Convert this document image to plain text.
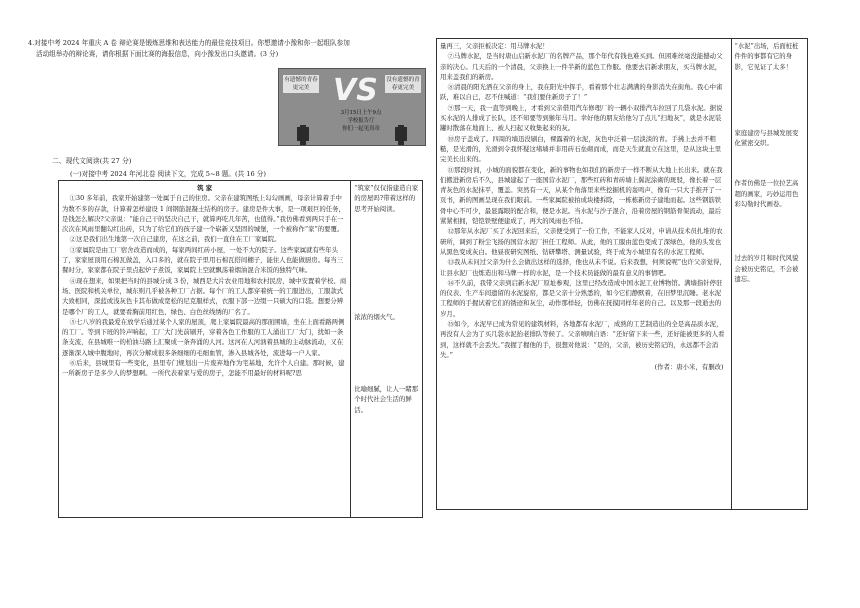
4.对接中考 2024 年重庆 A 卷 辩论赛是锻炼思维和表达能力的最佳竞技项目。你想邀请小豫和你一起组队参加
活动组举办的辩论赛，请你根据下面比赛的海报信息，向小豫发出口头邀请。(3 分)
有遗憾的青春更完美
没有遗憾的青春更完美
VS
3月15日上午9点
学校报告厅
你们一起见真章
二、现代文阅读(共 27 分)
(一)对接中考 2024 年河北卷 阅读下文，完成 5~8 题。(共 16 分)
筑 家

①30 多年前，我家开始建第一处属于自己的住房。父亲在建筑图纸上勾勾画画，母亲计算着手中为数不多的存款，计算着怎样建设 1 间钢筋混凝土结构的房子。建房是件大事，是一项艰巨的任务，是钱怎么解决?父亲说：“能自己干的坚决自己干，就算再吃几年苦，也值得。”我仿佛看到两只手在一次次在风雨里翻勾红出砖，只为了给它们的孩子建一个崭新又坚固的城堡，一个被称作“家”的要覆。

②这是我们出生地第一次自己建房，在这之前，我们一直住在工厂家属院。

③家属院是由工厂宿舍改造而成的，每家两间红砖小屋，一处不大的院子。这些家属就有些年头了，家家屋顶用石棉瓦做盖，入口多的，就在院子里用石棉瓦搭间棚子，能住人也能做厨房。每当三餐时分，家家都在院子里点起炉子煮饭，家属院上空就飘荡着烟油混合米饭的独特气味。

④现在想来，如果把当时的县城分成 3 份，城西是大片农业用地和农村民房，城中安置着学校、商场、医院和机关单位，城东则几乎被各种工厂占据。每个厂的工人都穿着统一的工服进出，工服款式大致相同，深蓝或浅灰色卡其布做成宽松的尼克服样式，衣服下部一边缀一只硕大的口袋。想要分辨是哪个厂的工人，就要看胸前用红色、绿色、白色丝线绣的厂名了。

⑤七八岁的我最爱在放学后通过某个人家的屋顶，爬上家属院最高的那面围墙，坐在上面看路两侧的工厂。等到下班的铃声响起，工厂大门先前刷开，穿着各色工作服的工人涌出工厂大门，扰如一条条支流，在县城唯一的柏油马路上汇聚成一条奔涌的人河。这河在人河汹着县城的主动脉流动，又在逐渐深入城中腹地时，再次分解成很多条细细的毛细血管，渗入县城各处，流进每一户人家。

⑥后来，县城里有一些变化，县里专门规划出一片废弃地作为宅基地，允许个人自建。那时候，建一所新房子是多少人的梦想啊。一所代表着家与爱的房子，怎能不用最好的材料呢?思

“筑家”仅仅指建造自家的房屋吗?带着这样的思考开始阅读。

浓浓的烟火气。

比喻细腻，让人一睹那个时代社会生活的鲜活。

量再三，父亲拒板决定：用马牌水泥！

⑦马牌水泥，是当时唐山启新水泥厂的名牌产品，那个年代有钱也难买到。但困难丝毫没能撼动父亲的决心。几天后的一个清晨，父亲换上一件半新的蓝色工作服。他要去启新求朋友，买马牌水泥，用来盖我们的新房。

⑧清晨的阳光洒在父亲的身上，我在阳光中挥手，看着那个壮志满满的身影消失在街角。我心中雀跃，难以自已，忍不住喊道：“我们要住新房子了！”

⑨那一天，我一直等到晚上，才看到父亲借用汽车修理厂的一辆小双排汽车拉回了几袋水泥。据说买水泥的人排成了长队，还不知要等到猴年马月。幸好他的朋友给他匀了点儿“扫地灰”，就是水泥装罐时散落在地面上、被人扫起又收集起来的灰。

⑩房子盖成了。四周的墙迅没刷白，裸露着的水泥，灰色中泛着一层淡淡的青。手拂上去并不粗糙，是光滑的，光滑到令我怀疑这堵墙并非用砖石垒砌而成，而是天生就直立在这里，是从这块土里完美长出来的。

⑪那段时间，小城的面貌都在变化，新的事物也如我们的新房子一样不断从大地上长出来。就在我们搬进新房后不久，县城建起了一座国营水泥厂，那些红砖和青砖墙上翼泥涂砌的斑驳，像长着一层青灰色的水泥抹平，覆盖。突然有一天，从某个角落里来些挖掘机的轰鸣声，像有一只大手推开了一页书，新的图画呈现在我们眼前。一些家属院被拍成块楼拆除，一栋栋新房子建地而起。这些钢筋铁骨中心不可少，最显露眼的配合和，便是水泥。当水泥与沙子混合，沿着房屋的钢筋骨架流动，最后紧紧相拥，铠铠铁壁便建成了，再大的风雨也不怕。

⑫那年从水泥厂买了水泥回来后，父亲便受到了一份工作，不能家人反对，申请从技术员扎堆的农研所，调到了粉尘飞扬的国营水泥厂担任工程师。从此，他的工服由蓝色变成了深绿色，他的头发也从黑色变成灰白。他昼夜研究图纸、钻研攀塔、测量试验，终于成为小城里有名的水泥工程师。

⑬我从未问过父亲为什么会做出这样的选择，他也从未不说。后来我想，何须说呢”也许父亲觉得，让县水泥厂也炼造出和马牌一样的水泥，是一个技术员能做的最有意义的事情吧。

⑭不久前，我带父亲到启新水泥厂原址参观，这里已经改造成中国水泥工业博物馆。满墙指针停驻的仪表、生产车间遗留的水泥旋窑，都是父亲十分熟悉的，如今它们静默着，在旧梦里沉睡。老水泥工程师的手握试着它们的锈迹和灰尘，动作那样轻，仿佛在抚摸同样年老的自己。以及那一段逝去的岁月。

⑮如今，水泥早已成为常见的建筑材料，各地都有水泥厂，成熟的工艺制造出的全是高品质水泥，再没有人会为了买几袋水泥抬老排队等候了。父亲嗔嗔自语：“还好留下来一些，还好能被更多的人看到，这样就不会丢失。”我握了握他的手，很想对他说：“是的，父亲，被历史铭记的，永远都不会消失。”

(作者：唐小米，有删改)

“水泥”出场，后面桩桩件件的事都有它的身影，它见证了太多！

家庭建房与县城发展变化紧密交织。

作者仿佛是一位拉艺高超的画家，巧妙运用色彩勾勒时代画卷。

过去的岁月和时代风貌会被历史铭记，不会被遗忘。
